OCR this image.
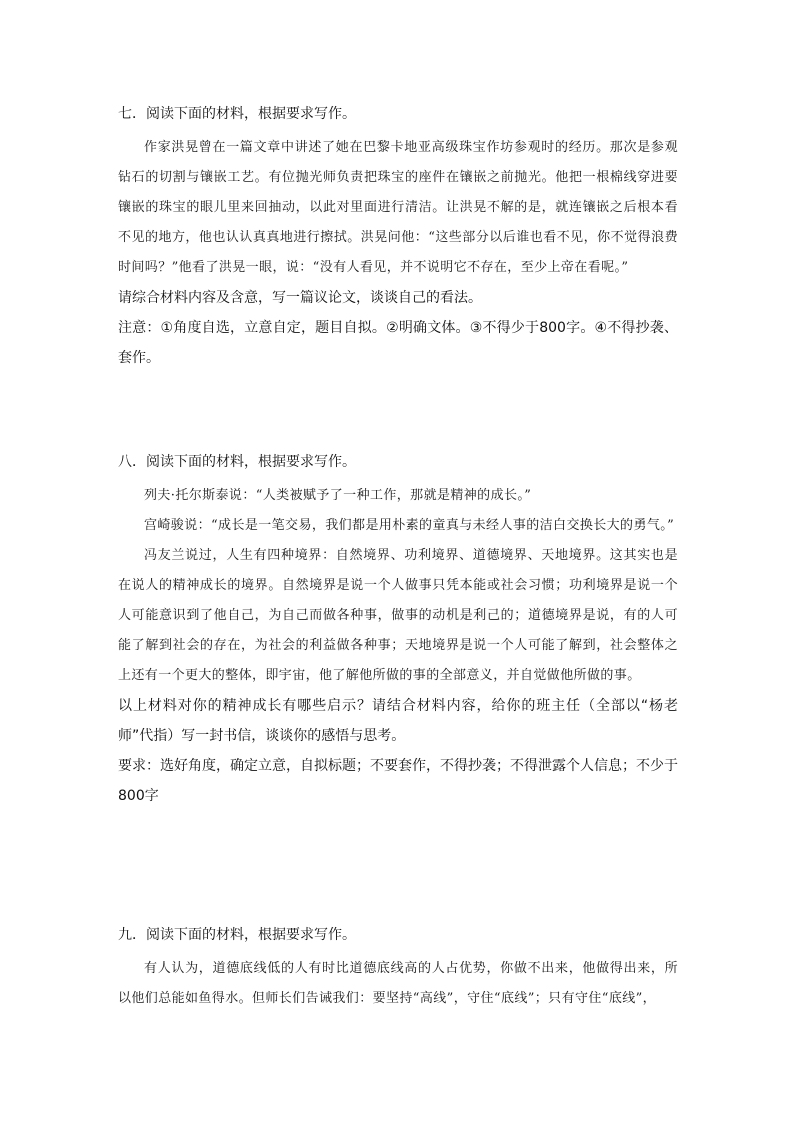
七．阅读下面的材料，根据要求写作。

作家洪晃曾在一篇文章中讲述了她在巴黎卡地亚高级珠宝作坊参观时的经历。那次是参观钻石的切割与镶嵌工艺。有位抛光师负责把珠宝的座件在镶嵌之前抛光。他把一根棉线穿进要镶嵌的珠宝的眼儿里来回抽动，以此对里面进行清洁。让洪晃不解的是，就连镶嵌之后根本看不见的地方，他也认认真真地进行擦拭。洪晃问他：“这些部分以后谁也看不见，你不觉得浪费时间吗？”他看了洪晃一眼，说：“没有人看见，并不说明它不存在，至少上帝在看呢。”

请综合材料内容及含意，写一篇议论文，谈谈自己的看法。

注意：①角度自选，立意自定，题目自拟。②明确文体。③不得少于800字。④不得抄袭、套作。

八．阅读下面的材料，根据要求写作。

列夫·托尔斯泰说：“人类被赋予了一种工作，那就是精神的成长。”

宫崎骏说：“成长是一笔交易，我们都是用朴素的童真与未经人事的洁白交换长大的勇气。”

冯友兰说过，人生有四种境界：自然境界、功利境界、道德境界、天地境界。这其实也是在说人的精神成长的境界。自然境界是说一个人做事只凭本能或社会习惯；功利境界是说一个人可能意识到了他自己，为自己而做各种事，做事的动机是利己的；道德境界是说，有的人可能了解到社会的存在，为社会的利益做各种事；天地境界是说一个人可能了解到，社会整体之上还有一个更大的整体，即宇宙，他了解他所做的事的全部意义，并自觉做他所做的事。

以上材料对你的精神成长有哪些启示？请结合材料内容，给你的班主任（全部以“杨老师”代指）写一封书信，谈谈你的感悟与思考。

要求：选好角度，确定立意，自拟标题；不要套作，不得抄袭；不得泄露个人信息；不少于800字

九．阅读下面的材料，根据要求写作。

有人认为，道德底线低的人有时比道德底线高的人占优势，你做不出来，他做得出来，所以他们总能如鱼得水。但师长们告诫我们：要坚持“高线”，守住“底线”；只有守住“底线”，
